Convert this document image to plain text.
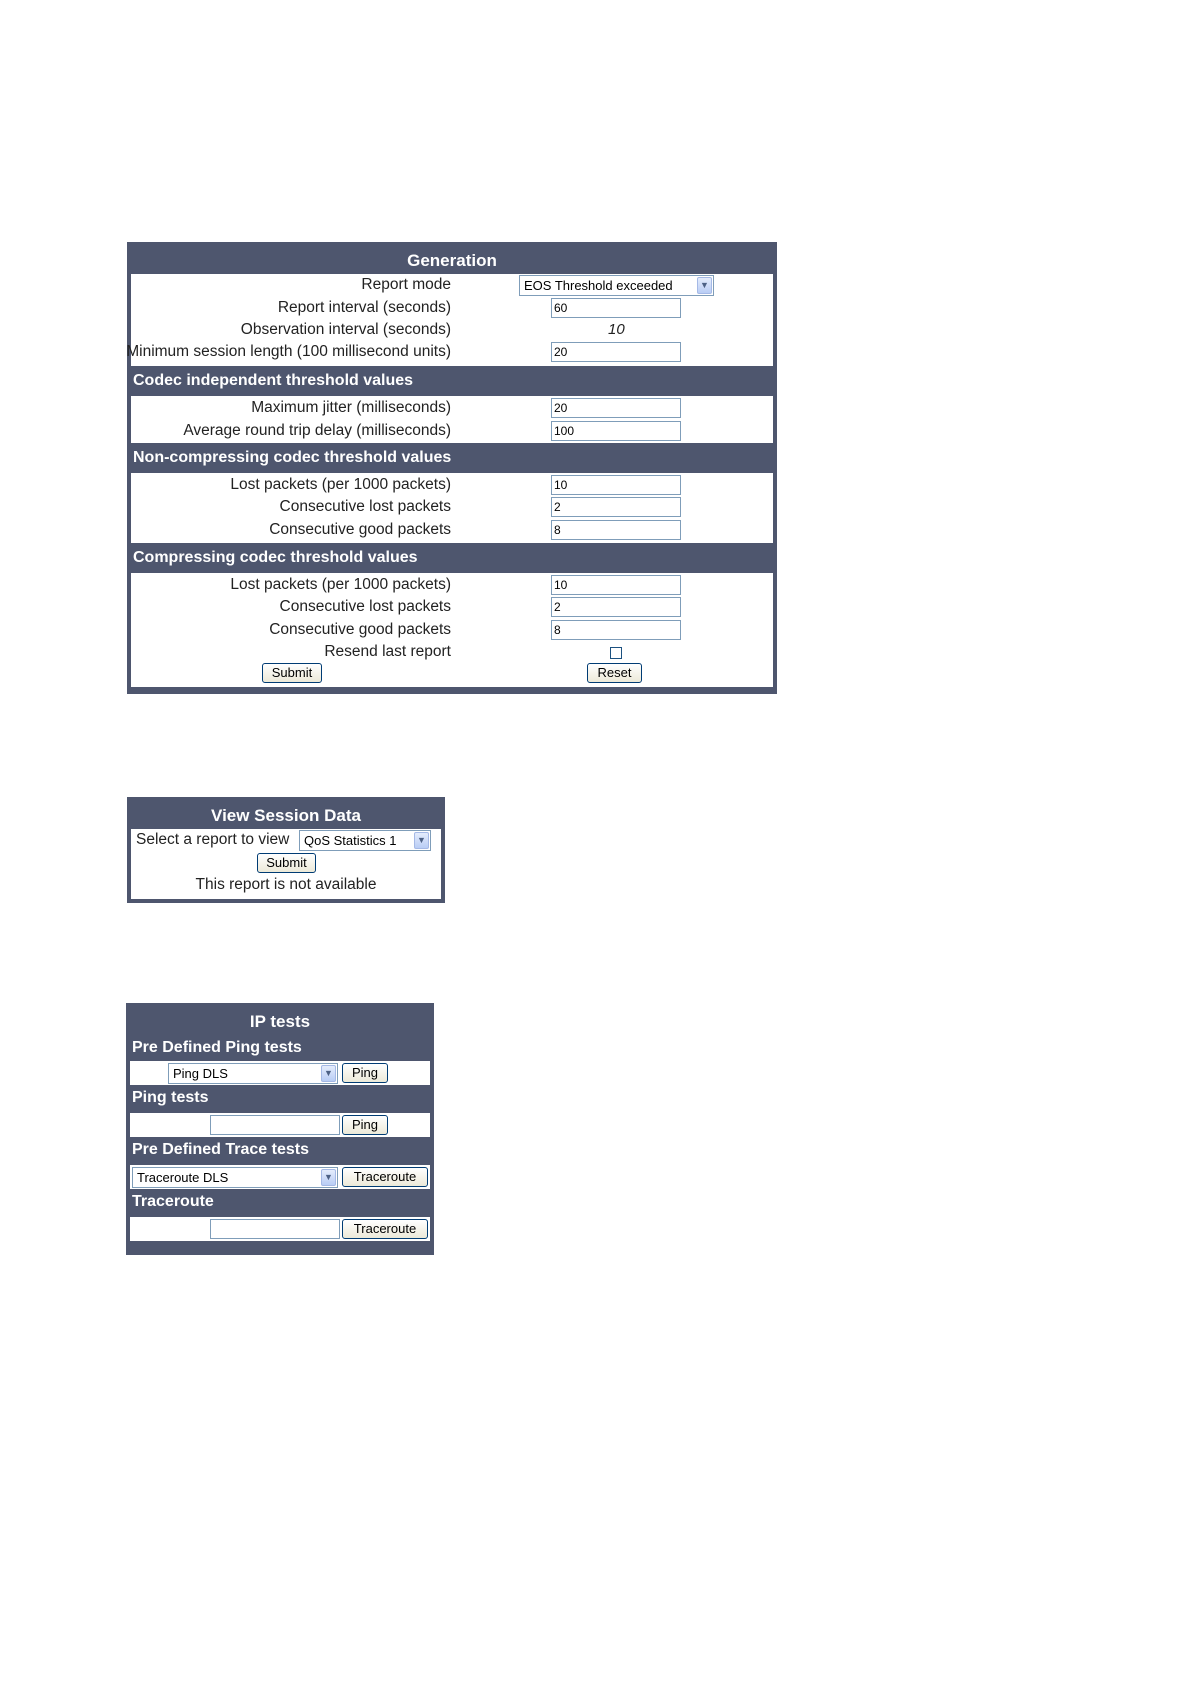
Generation
Report mode	EOS Threshold exceeded	▼
Report interval (seconds)	60
Observation interval (seconds)	10
Minimum session length (100 millisecond units)	20
Codec independent threshold values
Maximum jitter (milliseconds)	20
Average round trip delay (milliseconds)	100
Non-compressing codec threshold values
Lost packets (per 1000 packets)	10
Consecutive lost packets	2
Consecutive good packets	8
Compressing codec threshold values
Lost packets (per 1000 packets)	10
Consecutive lost packets	2
Consecutive good packets	8
Resend last report
Submit	Reset
View Session Data
Select a report to view	QoS Statistics 1	▼
Submit
This report is not available
IP tests
Pre Defined Ping tests
Ping DLS	▼	Ping
Ping tests
Ping
Pre Defined Trace tests
Traceroute DLS	▼	Traceroute
Traceroute
Traceroute
